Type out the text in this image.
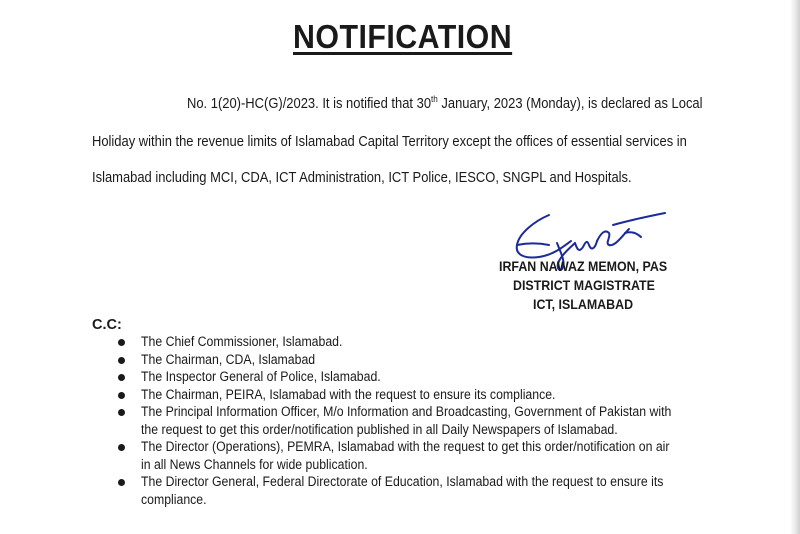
NOTIFICATION
No. 1(20)-HC(G)/2023. It is notified that 30th January, 2023 (Monday), is declared as Local
Holiday within the revenue limits of Islamabad Capital Territory except the offices of essential services in
Islamabad including MCI, CDA, ICT Administration, ICT Police, IESCO, SNGPL and Hospitals.
IRFAN NAWAZ MEMON, PAS
DISTRICT MAGISTRATE
ICT, ISLAMABAD
C.C:
The Chief Commissioner, Islamabad.
The Chairman, CDA, Islamabad
The Inspector General of Police, Islamabad.
The Chairman, PEIRA, Islamabad with the request to ensure its compliance.
The Principal Information Officer, M/o Information and Broadcasting, Government of Pakistan with
the request to get this order/notification published in all Daily Newspapers of Islamabad.
The Director (Operations), PEMRA, Islamabad with the request to get this order/notification on air
in all News Channels for wide publication.
The Director General, Federal Directorate of Education, Islamabad with the request to ensure its
compliance.
